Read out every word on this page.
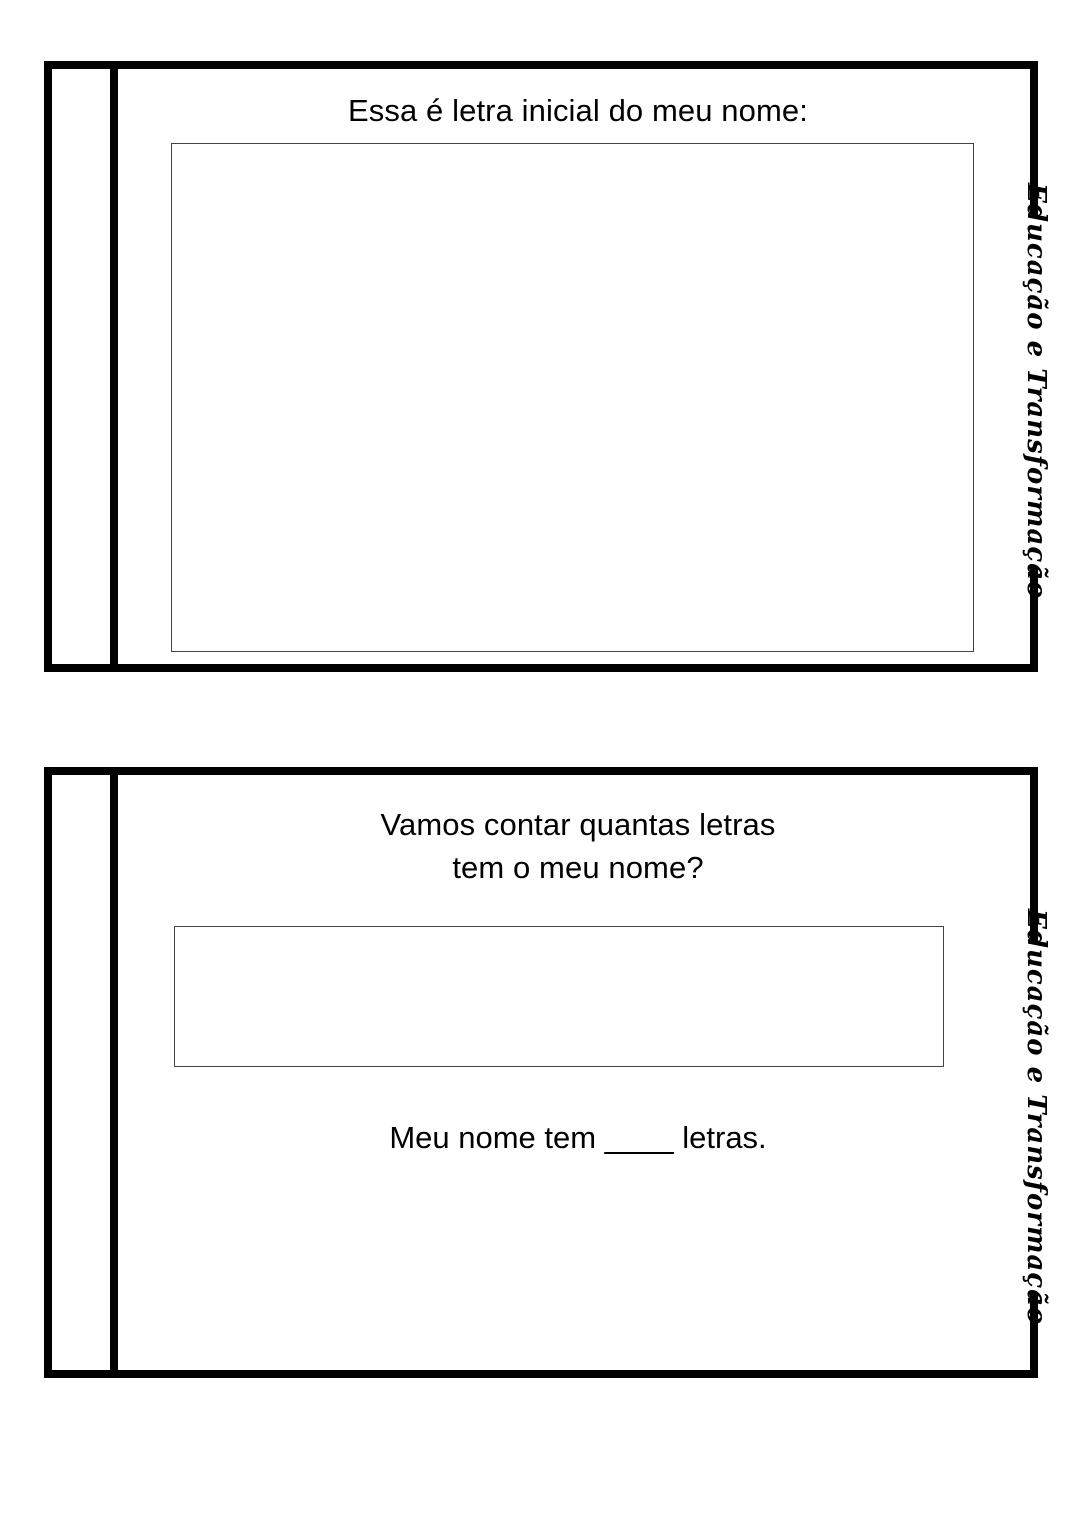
Essa é letra inicial do meu nome:
Educação e Transformação
Vamos contar quantas letras
tem o meu nome?
Meu nome tem ____ letras.	Educação e Transformação
